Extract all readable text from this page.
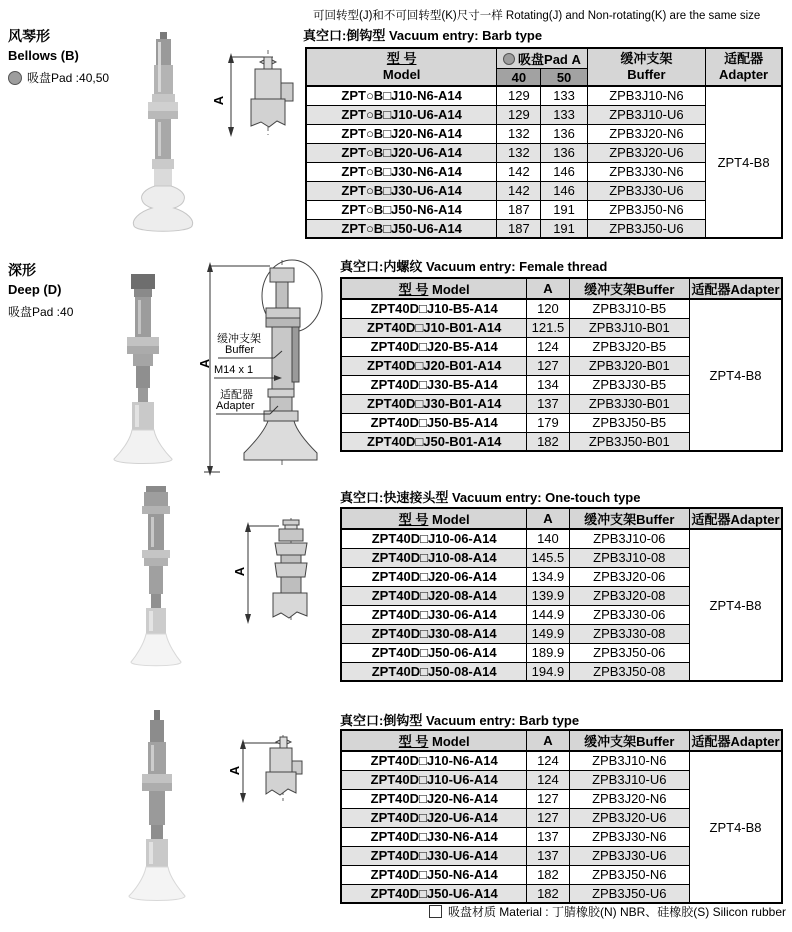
可回转型(J)和不可回转型(K)尺寸一样 Rotating(J) and Non-rotating(K) are the same size
风琴形
Bellows (B)
吸盘Pad :40,50
A
真空口:倒钩型 Vacuum entry: Barb type
型 号
Model
	吸盘Pad A	缓冲支架
Buffer

适配器
Adapter

	40	50		
ZPT○B□J10-N6-A14	129	133	ZPB3J10-N6	ZPT4-B8
ZPT○B□J10-U6-A14	129	133	ZPB3J10-U6	
ZPT○B□J20-N6-A14	132	136	ZPB3J20-N6	
ZPT○B□J20-U6-A14	132	136	ZPB3J20-U6	
ZPT○B□J30-N6-A14	142	146	ZPB3J30-N6	
ZPT○B□J30-U6-A14	142	146	ZPB3J30-U6	
ZPT○B□J50-N6-A14	187	191	ZPB3J50-N6	
ZPT○B□J50-U6-A14	187	191	ZPB3J50-U6	
深形
Deep (D)
吸盘Pad :40
A
缓冲支架
Buffer
M14 x 1
适配器
Adapter
真空口:内螺纹 Vacuum entry: Female thread
型 号 Model	A	缓冲支架Buffer	适配器Adapter
ZPT40D□J10-B5-A14	120	ZPB3J10-B5	ZPT4-B8
ZPT40D□J10-B01-A14	121.5	ZPB3J10-B01	
ZPT40D□J20-B5-A14	124	ZPB3J20-B5	
ZPT40D□J20-B01-A14	127	ZPB3J20-B01	
ZPT40D□J30-B5-A14	134	ZPB3J30-B5	
ZPT40D□J30-B01-A14	137	ZPB3J30-B01	
ZPT40D□J50-B5-A14	179	ZPB3J50-B5	
ZPT40D□J50-B01-A14	182	ZPB3J50-B01	
A
真空口:快速接头型 Vacuum entry: One-touch type
型 号 Model	A	缓冲支架Buffer	适配器Adapter
ZPT40D□J10-06-A14	140	ZPB3J10-06	ZPT4-B8
ZPT40D□J10-08-A14	145.5	ZPB3J10-08	
ZPT40D□J20-06-A14	134.9	ZPB3J20-06	
ZPT40D□J20-08-A14	139.9	ZPB3J20-08	
ZPT40D□J30-06-A14	144.9	ZPB3J30-06	
ZPT40D□J30-08-A14	149.9	ZPB3J30-08	
ZPT40D□J50-06-A14	189.9	ZPB3J50-06	
ZPT40D□J50-08-A14	194.9	ZPB3J50-08	
A
真空口:倒钩型 Vacuum entry: Barb type
型 号 Model	A	缓冲支架Buffer	适配器Adapter
ZPT40D□J10-N6-A14	124	ZPB3J10-N6	ZPT4-B8
ZPT40D□J10-U6-A14	124	ZPB3J10-U6	
ZPT40D□J20-N6-A14	127	ZPB3J20-N6	
ZPT40D□J20-U6-A14	127	ZPB3J20-U6	
ZPT40D□J30-N6-A14	137	ZPB3J30-N6	
ZPT40D□J30-U6-A14	137	ZPB3J30-U6	
ZPT40D□J50-N6-A14	182	ZPB3J50-N6	
ZPT40D□J50-U6-A14	182	ZPB3J50-U6	
吸盘材质 Material : 丁腈橡胶(N) NBR、硅橡胶(S) Silicon rubber
